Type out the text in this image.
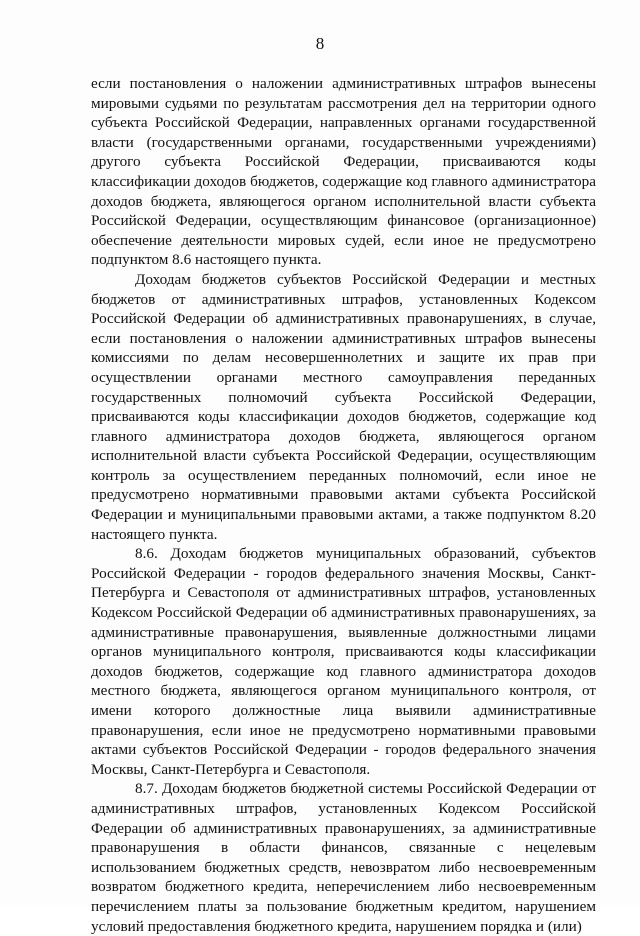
8

если постановления о наложении административных штрафов вынесены мировыми судьями по результатам рассмотрения дел на территории одного субъекта Российской Федерации, направленных органами государственной власти (государственными органами, государственными учреждениями) другого субъекта Российской Федерации, присваиваются коды классификации доходов бюджетов, содержащие код главного администратора доходов бюджета, являющегося органом исполнительной власти субъекта Российской Федерации, осуществляющим финансовое (организационное) обеспечение деятельности мировых судей, если иное не предусмотрено подпунктом 8.6 настоящего пункта.

Доходам бюджетов субъектов Российской Федерации и местных бюджетов от административных штрафов, установленных Кодексом Российской Федерации об административных правонарушениях, в случае, если постановления о наложении административных штрафов вынесены комиссиями по делам несовершеннолетних и защите их прав при осуществлении органами местного самоуправления переданных государственных полномочий субъекта Российской Федерации, присваиваются коды классификации доходов бюджетов, содержащие код главного администратора доходов бюджета, являющегося органом исполнительной власти субъекта Российской Федерации, осуществляющим контроль за осуществлением переданных полномочий, если иное не предусмотрено нормативными правовыми актами субъекта Российской Федерации и муниципальными правовыми актами, а также подпунктом 8.20 настоящего пункта.

8.6. Доходам бюджетов муниципальных образований, субъектов Российской Федерации - городов федерального значения Москвы, Санкт-Петербурга и Севастополя от административных штрафов, установленных Кодексом Российской Федерации об административных правонарушениях, за административные правонарушения, выявленные должностными лицами органов муниципального контроля, присваиваются коды классификации доходов бюджетов, содержащие код главного администратора доходов местного бюджета, являющегося органом муниципального контроля, от имени которого должностные лица выявили административные правонарушения, если иное не предусмотрено нормативными правовыми актами субъектов Российской Федерации - городов федерального значения Москвы, Санкт-Петербурга и Севастополя.

8.7. Доходам бюджетов бюджетной системы Российской Федерации от административных штрафов, установленных Кодексом Российской Федерации об административных правонарушениях, за административные правонарушения в области финансов, связанные с нецелевым использованием бюджетных средств, невозвратом либо несвоевременным возвратом бюджетного кредита, неперечислением либо несвоевременным перечислением платы за пользование бюджетным кредитом, нарушением условий предоставления бюджетного кредита, нарушением порядка и (или)
